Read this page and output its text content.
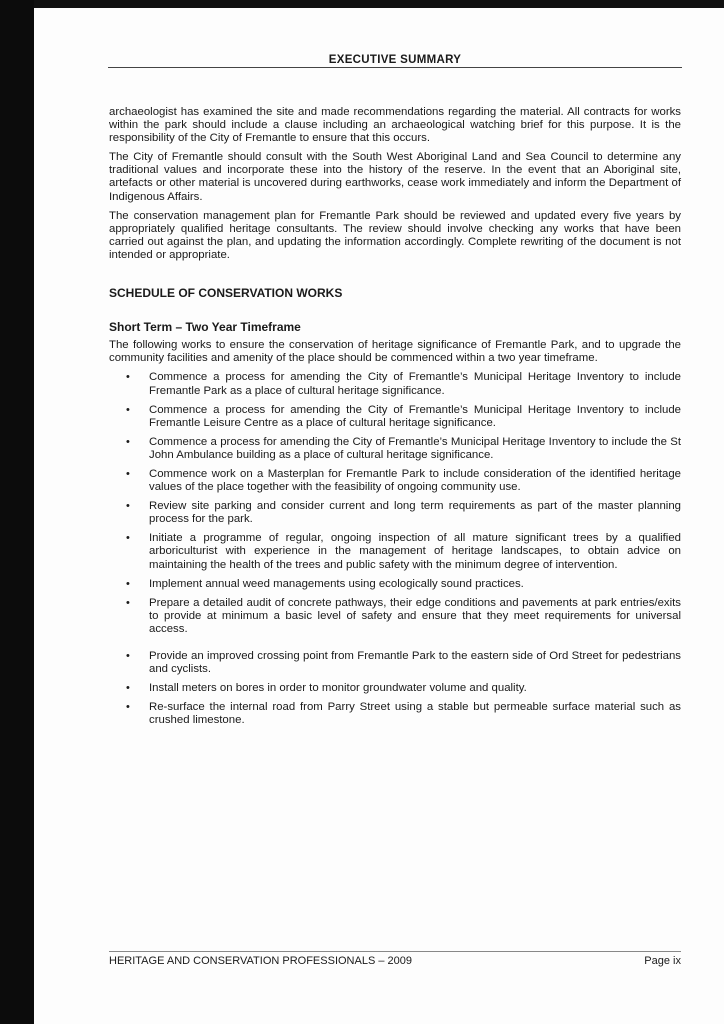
EXECUTIVE SUMMARY

archaeologist has examined the site and made recommendations regarding the material. All contracts for works within the park should include a clause including an archaeological watching brief for this purpose. It is the responsibility of the City of Fremantle to ensure that this occurs.

The City of Fremantle should consult with the South West Aboriginal Land and Sea Council to determine any traditional values and incorporate these into the history of the reserve. In the event that an Aboriginal site, artefacts or other material is uncovered during earthworks, cease work immediately and inform the Department of Indigenous Affairs.

The conservation management plan for Fremantle Park should be reviewed and updated every five years by appropriately qualified heritage consultants. The review should involve checking any works that have been carried out against the plan, and updating the information accordingly. Complete rewriting of the document is not intended or appropriate.

SCHEDULE OF CONSERVATION WORKS
Short Term – Two Year Timeframe

The following works to ensure the conservation of heritage significance of Fremantle Park, and to upgrade the community facilities and amenity of the place should be commenced within a two year timeframe.

• Commence a process for amending the City of Fremantle’s Municipal Heritage Inventory to include Fremantle Park as a place of cultural heritage significance.
• Commence a process for amending the City of Fremantle’s Municipal Heritage Inventory to include Fremantle Leisure Centre as a place of cultural heritage significance.
• Commence a process for amending the City of Fremantle’s Municipal Heritage Inventory to include the St John Ambulance building as a place of cultural heritage significance.
• Commence work on a Masterplan for Fremantle Park to include consideration of the identified heritage values of the place together with the feasibility of ongoing community use.
• Review site parking and consider current and long term requirements as part of the master planning process for the park.
• Initiate a programme of regular, ongoing inspection of all mature significant trees by a qualified arboriculturist with experience in the management of heritage landscapes, to obtain advice on maintaining the health of the trees and public safety with the minimum degree of intervention.
• Implement annual weed managements using ecologically sound practices.
• Prepare a detailed audit of concrete pathways, their edge conditions and pavements at park entries/exits to provide at minimum a basic level of safety and ensure that they meet requirements for universal access.
• Provide an improved crossing point from Fremantle Park to the eastern side of Ord Street for pedestrians and cyclists.
• Install meters on bores in order to monitor groundwater volume and quality.
• Re-surface the internal road from Parry Street using a stable but permeable surface material such as crushed limestone.
HERITAGE AND CONSERVATION PROFESSIONALS – 2009	Page ix
